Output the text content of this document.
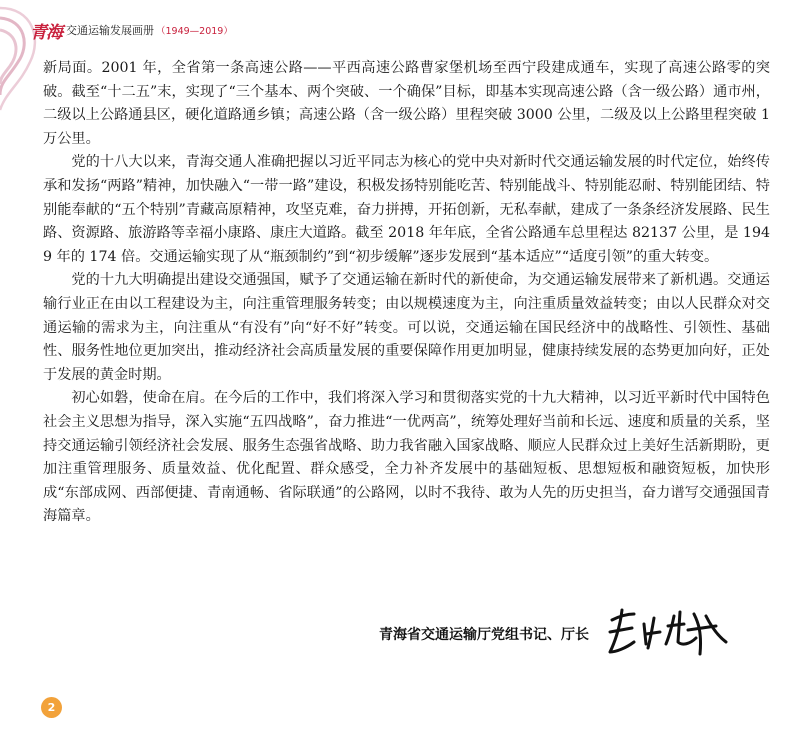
青海 交通运输发展画册 （1949—2019）

新局面。2001 年，全省第一条高速公路——平西高速公路曹家堡机场至西宁段建成通车，实现了高速公路零的突破。截至“十二五”末，实现了“三个基本、两个突破、一个确保”目标，即基本实现高速公路（含一级公路）通市州，二级以上公路通县区，硬化道路通乡镇；高速公路（含一级公路）里程突破 3000 公里，二级及以上公路里程突破 1 万公里。

党的十八大以来，青海交通人准确把握以习近平同志为核心的党中央对新时代交通运输发展的时代定位，始终传承和发扬“两路”精神，加快融入“一带一路”建设，积极发扬特别能吃苦、特别能战斗、特别能忍耐、特别能团结、特别能奉献的“五个特别”青藏高原精神，攻坚克难，奋力拼搏，开拓创新，无私奉献，建成了一条条经济发展路、民生路、资源路、旅游路等幸福小康路、康庄大道路。截至 2018 年年底，全省公路通车总里程达 82137 公里，是 1949 年的 174 倍。交通运输实现了从“瓶颈制约”到“初步缓解”逐步发展到“基本适应”“适度引领”的重大转变。

党的十九大明确提出建设交通强国，赋予了交通运输在新时代的新使命，为交通运输发展带来了新机遇。交通运输行业正在由以工程建设为主，向注重管理服务转变；由以规模速度为主，向注重质量效益转变；由以人民群众对交通运输的需求为主，向注重从“有没有”向“好不好”转变。可以说，交通运输在国民经济中的战略性、引领性、基础性、服务性地位更加突出，推动经济社会高质量发展的重要保障作用更加明显，健康持续发展的态势更加向好，正处于发展的黄金时期。

初心如磐，使命在肩。在今后的工作中，我们将深入学习和贯彻落实党的十九大精神，以习近平新时代中国特色社会主义思想为指导，深入实施“五四战略”，奋力推进“一优两高”，统筹处理好当前和长远、速度和质量的关系，坚持交通运输引领经济社会发展、服务生态强省战略、助力我省融入国家战略、顺应人民群众过上美好生活新期盼，更加注重管理服务、质量效益、优化配置、群众感受，全力补齐发展中的基础短板、思想短板和融资短板，加快形成“东部成网、西部便捷、青南通畅、省际联通”的公路网，以时不我待、敢为人先的历史担当，奋力谱写交通强国青海篇章。

青海省交通运输厅党组书记、厅长
2
